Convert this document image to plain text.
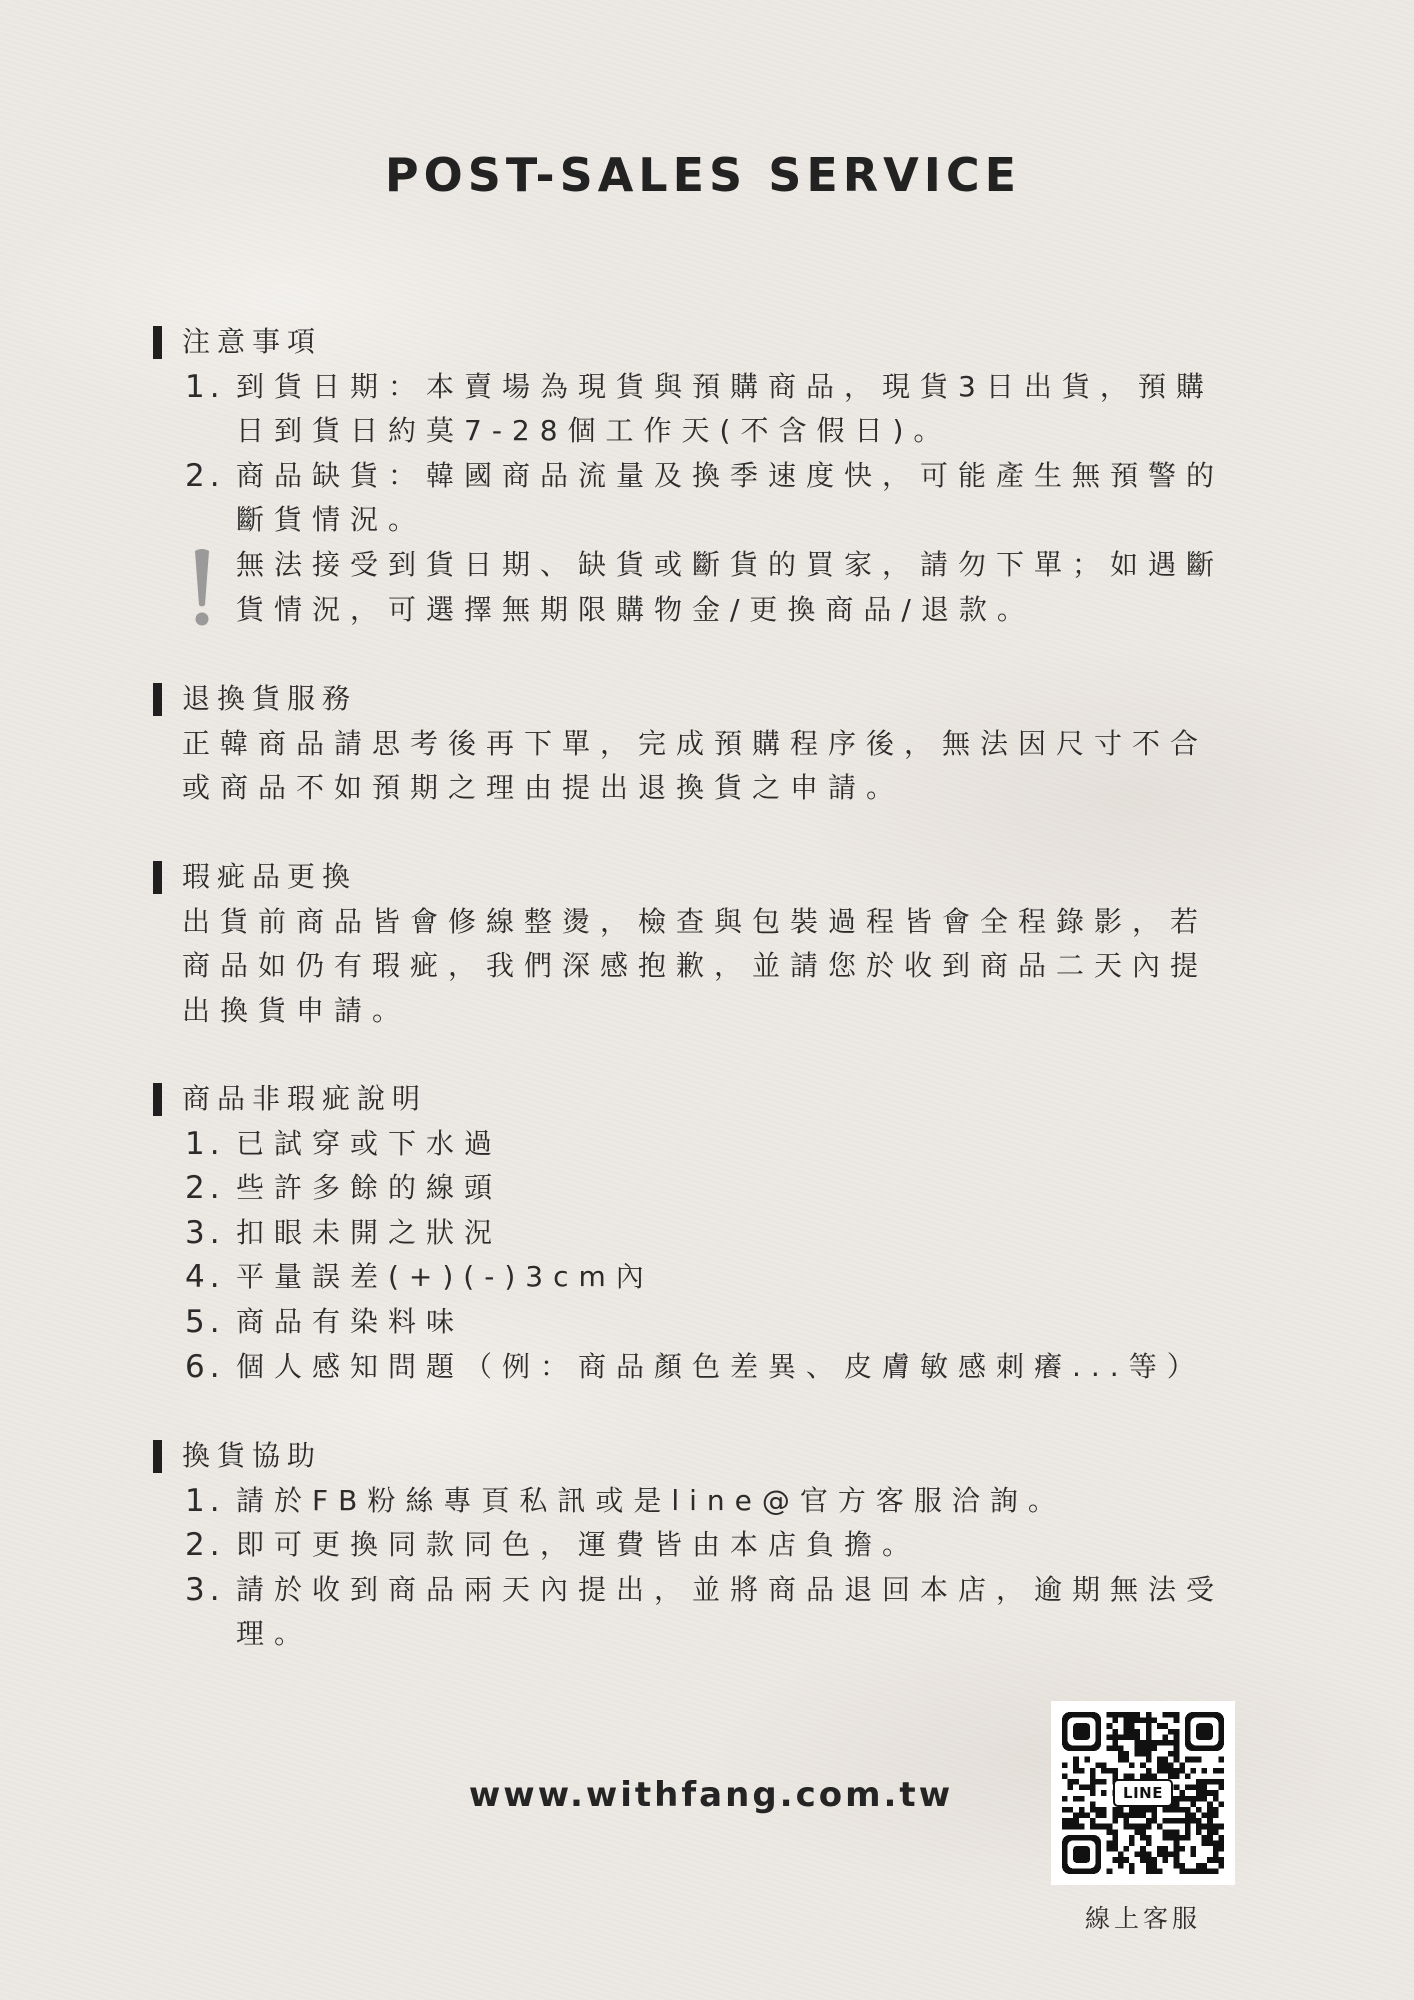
POST-SALES SERVICE
注意事項
1. 到貨日期：本賣場為現貨與預購商品，現貨3日出貨，預購
日到貨日約莫7-28個工作天(不含假日)。
2. 商品缺貨：韓國商品流量及換季速度快，可能產生無預警的
斷貨情況。
無法接受到貨日期、缺貨或斷貨的買家，請勿下單；如遇斷
貨情況，可選擇無期限購物金/更換商品/退款。
退換貨服務
正韓商品請思考後再下單，完成預購程序後，無法因尺寸不合
或商品不如預期之理由提出退換貨之申請。
瑕疵品更換
出貨前商品皆會修線整燙，檢查與包裝過程皆會全程錄影，若
商品如仍有瑕疵，我們深感抱歉，並請您於收到商品二天內提
出換貨申請。
商品非瑕疵說明
1. 已試穿或下水過
2. 些許多餘的線頭
3. 扣眼未開之狀況
4. 平量誤差(+)(-)3cm內
5. 商品有染料味
6. 個人感知問題（例：商品顏色差異、皮膚敏感刺癢...等）
換貨協助
1. 請於FB粉絲專頁私訊或是line@官方客服洽詢。
2. 即可更換同款同色，運費皆由本店負擔。
3. 請於收到商品兩天內提出，並將商品退回本店，逾期無法受
理。
www.withfang.com.tw	LINE
線上客服
